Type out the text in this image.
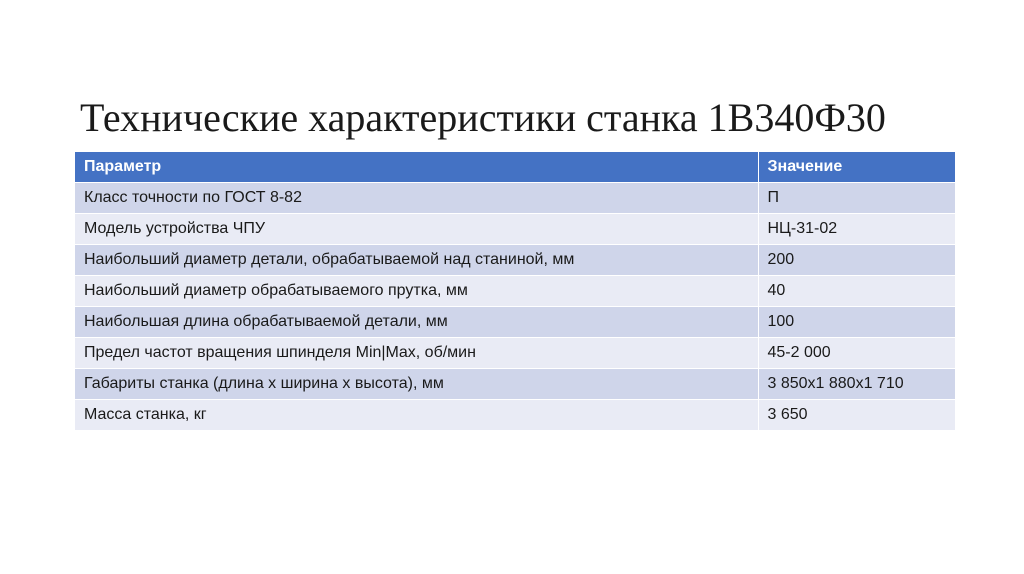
Технические характеристики станка 1В340Ф30
Параметр	Значение
Класс точности по ГОСТ 8-82	П
Модель устройства ЧПУ	НЦ-31-02
Наибольший диаметр детали, обрабатываемой над станиной, мм	200
Наибольший диаметр обрабатываемого прутка, мм	40
Наибольшая длина обрабатываемой детали, мм	100
Предел частот вращения шпинделя Min|Max, об/мин	45-2 000
Габариты станка (длина x ширина x высота), мм	3 850x1 880x1 710
Масса станка, кг	3 650
